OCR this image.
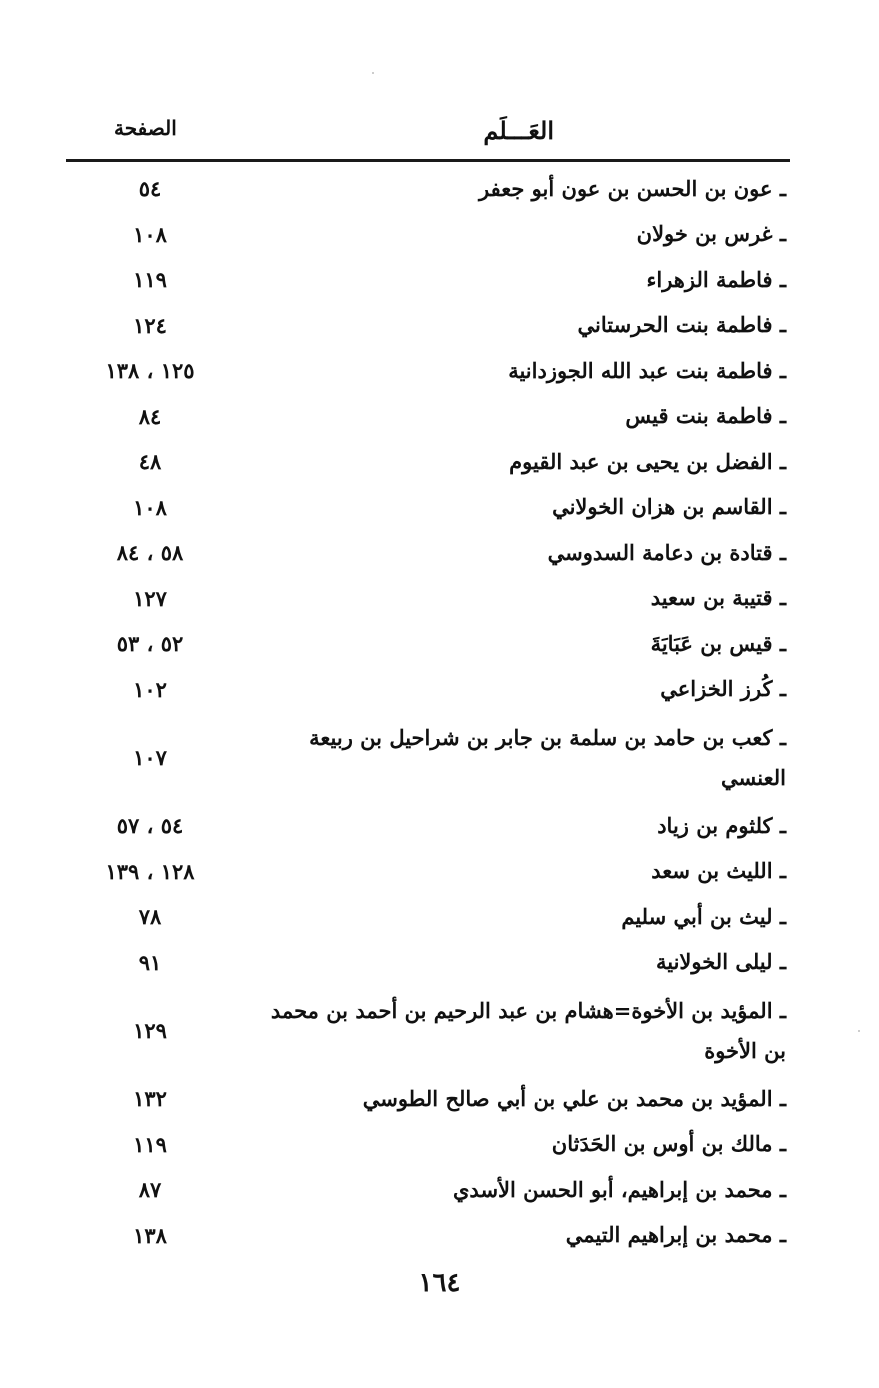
العَـــلَم
الصفحة
ـ عون بن الحسن بن عون أبو جعفر
٥٤
ـ غرس بن خولان
١٠٨
ـ فاطمة الزهراء
١١٩
ـ فاطمة بنت الحرستاني
١٢٤
ـ فاطمة بنت عبد الله الجوزدانية
١٢٥ ، ١٣٨
ـ فاطمة بنت قيس
٨٤
ـ الفضل بن يحيى بن عبد القيوم
٤٨
ـ القاسم بن هزان الخولاني
١٠٨
ـ قتادة بن دعامة السدوسي
٥٨ ، ٨٤
ـ قتيبة بن سعيد
١٢٧
ـ قيس بن عَبَايَةَ
٥٢ ، ٥٣
ـ كُرز الخزاعي
١٠٢
ـ كعب بن حامد بن سلمة بن جابر بن شراحيل بن ربيعة العنسي
١٠٧
ـ كلثوم بن زياد
٥٤ ، ٥٧
ـ الليث بن سعد
١٢٨ ، ١٣٩
ـ ليث بن أبي سليم
٧٨
ـ ليلى الخولانية
٩١
ـ المؤيد بن الأخوة=هشام بن عبد الرحيم بن أحمد بن محمد بن الأخوة
١٢٩
ـ المؤيد بن محمد بن علي بن أبي صالح الطوسي
١٣٢
ـ مالك بن أوس بن الحَدَثان
١١٩
ـ محمد بن إبراهيم، أبو الحسن الأسدي
٨٧
ـ محمد بن إبراهيم التيمي
١٣٨
١٦٤
